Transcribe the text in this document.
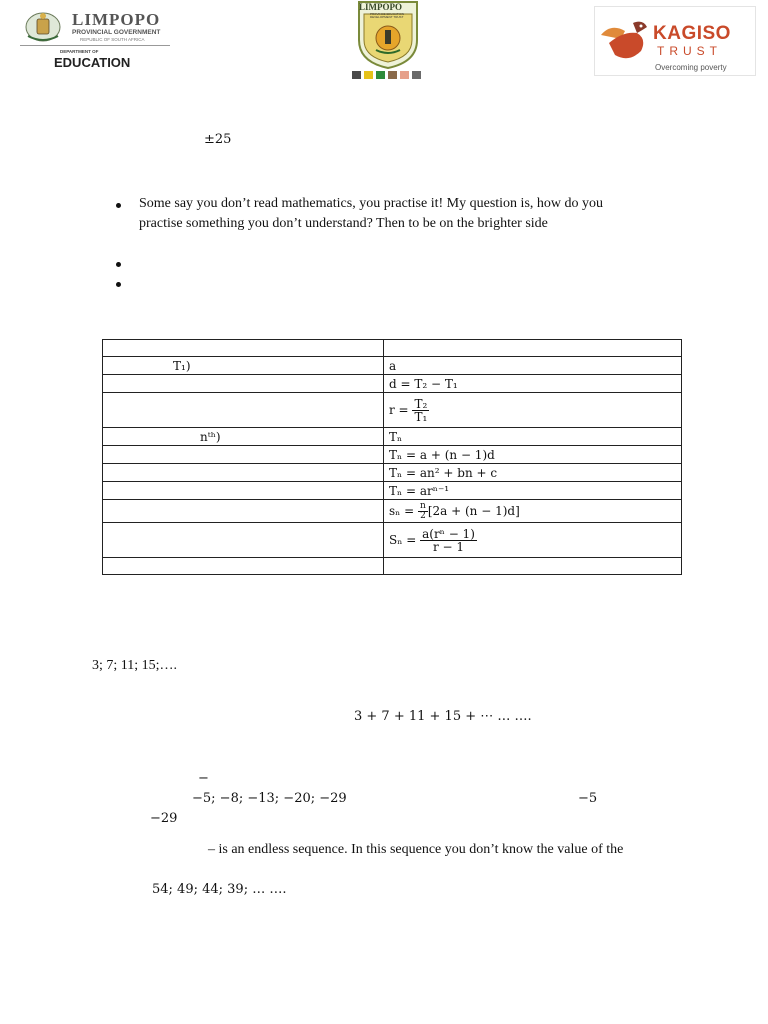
LIMPOPO
PROVINCIAL GOVERNMENT
REPUBLIC OF SOUTH AFRICA
DEPARTMENT OF
EDUCATION
LIMPOPO
PROVINCE EDUCATION DEVELOPMENT TRUST
KAGISO
TRUST
Overcoming poverty
±25
Some say you don’t read mathematics, you practise it! My question is, how do you
practise something you don’t understand? Then to be on the brighter side

T₁)	a
	d = T₂ − T₁
	$r = \frac{\text{T₂}}{\text{T₁}}$

nᵗʰ)	Tₙ
	Tₙ = a + (n − 1)d
	Tₙ = an² + bn + c
	Tₙ = arⁿ⁻¹
	$s_n = \frac{n}{2} [2a + (n - 1)d]$
	$S_n = \frac{\text{a(rⁿ − 1)}}{r - 1}$

3; 7; 11; 15;….
3 + 7 + 11 + 15 + ⋯ … ….
−
−5; −8; −13; −20; −29	−5
−29
– is an endless sequence. In this sequence you don’t know the value of the
54; 49; 44; 39; … ….
